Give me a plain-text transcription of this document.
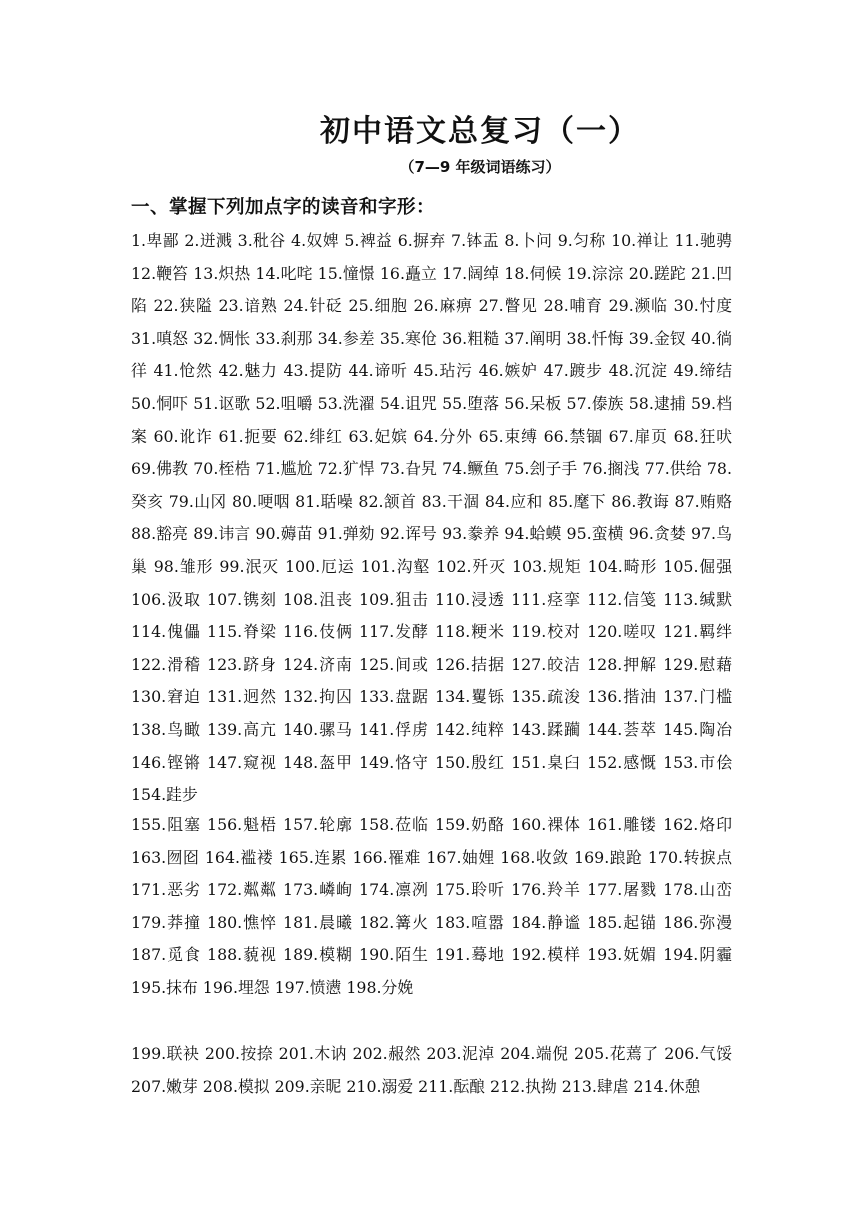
初中语文总复习（一）
（7—9 年级词语练习）
一、掌握下列加点字的读音和字形：
1.卑鄙 2.迸溅 3.秕谷 4.奴婢 5.裨益 6.摒弃 7.钵盂 8.卜问 9.匀称 10.禅让 11.驰骋 12.鞭笞 13.炽热 14.叱咤 15.憧憬 16.矗立 17.阔绰 18.伺候 19.淙淙 20.蹉跎 21.凹陷 22.狭隘 23.谙熟 24.针砭 25.细胞 26.麻痹 27.瞥见 28.哺育 29.濒临 30.忖度 31.嗔怒 32.惆怅 33.刹那 34.参差 35.寒伧 36.粗糙 37.阐明 38.忏悔 39.金钗 40.徜徉 41.怆然 42.魅力 43.提防 44.谛听 45.玷污 46.嫉妒 47.踱步 48.沉淀 49.缔结 50.恫吓 51.讴歌 52.咀嚼 53.洗濯 54.诅咒 55.堕落 56.呆板 57.傣族 58.逮捕 59.档案 60.讹诈 61.扼要 62.绯红 63.妃嫔 64.分外 65.束缚 66.禁锢 67.扉页 68.狂吠 69.佛教 70.桎梏 71.尴尬 72.犷悍 73.旮旯 74.鳜鱼 75.刽子手 76.搁浅 77.供给 78.癸亥 79.山冈 80.哽咽 81.聒噪 82.颔首 83.干涸 84.应和 85.麾下 86.教诲 87.贿赂 88.豁亮 89.讳言 90.薅苗 91.弹劾 92.诨号 93.豢养 94.蛤蟆 95.蛮横 96.贪婪 97.鸟巢 98.雏形 99.泯灭 100.厄运 101.沟壑 102.歼灭 103.规矩 104.畸形 105.倔强 106.汲取 107.镌刻 108.沮丧 109.狙击 110.浸透 111.痉挛 112.信笺 113.缄默 114.傀儡 115.脊梁 116.伎俩 117.发酵 118.粳米 119.校对 120.嗟叹 121.羁绊 122.滑稽 123.跻身 124.济南 125.间或 126.拮据 127.皎洁 128.押解 129.慰藉 130.窘迫 131.迥然 132.拘囚 133.盘踞 134.矍铄 135.疏浚 136.揩油 137.门槛 138.鸟瞰 139.高亢 140.骡马 141.俘虏 142.纯粹 143.蹂躏 144.荟萃 145.陶冶 146.铿锵 147.窥视 148.盔甲 149.恪守 150.殷红 151.臬臼 152.感慨 153.市侩 154.跬步
155.阻塞 156.魁梧 157.轮廓 158.莅临 159.奶酪 160.裸体 161.雕镂 162.烙印 163.囫囵 164.褴褛 165.连累 166.罹难 167.妯娌 168.收敛 169.踉跄 170.转捩点 171.恶劣 172.粼粼 173.嶙峋 174.凛冽 175.聆听 176.羚羊 177.屠戮 178.山峦 179.莽撞 180.憔悴 181.晨曦 182.篝火 183.喧嚣 184.静谧 185.起锚 186.弥漫 187.觅食 188.藐视 189.模糊 190.陌生 191.蓦地 192.模样 193.妩媚 194.阴霾 195.抹布 196.埋怨 197.愤懑 198.分娩
199.联袂 200.按捺 201.木讷 202.赧然 203.泥淖 204.端倪 205.花蔫了 206.气馁 207.嫩芽 208.模拟 209.亲昵 210.溺爱 211.酝酿 212.执拗 213.肆虐 214.休憩
